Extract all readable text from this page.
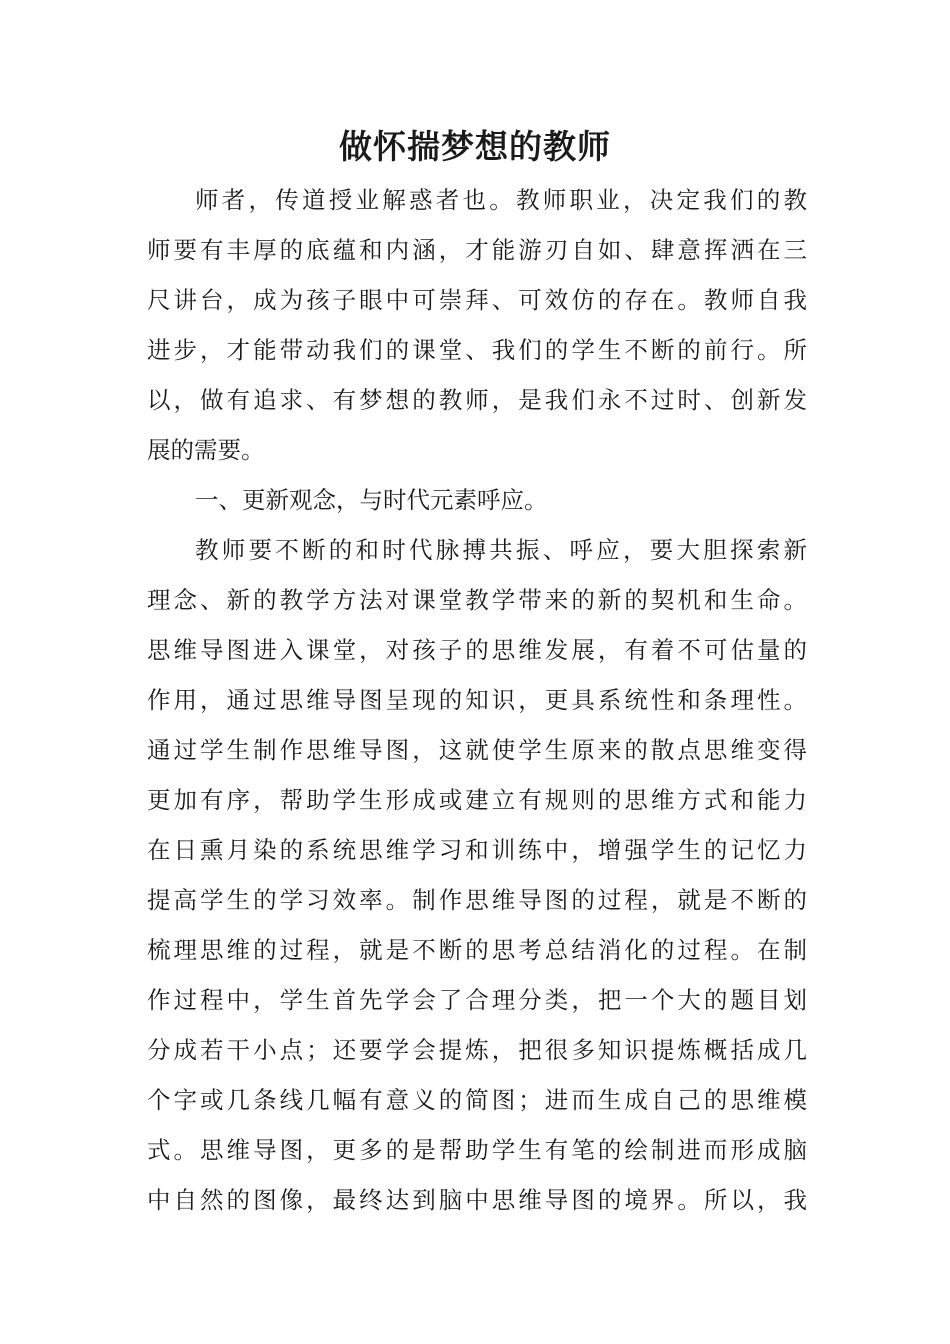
做怀揣梦想的教师
师者，传道授业解惑者也。教师职业，决定我们的教
师要有丰厚的底蕴和内涵，才能游刃自如、肆意挥洒在三
尺讲台，成为孩子眼中可崇拜、可效仿的存在。教师自我
进步，才能带动我们的课堂、我们的学生不断的前行。所
以，做有追求、有梦想的教师，是我们永不过时、创新发
展的需要。
一、更新观念，与时代元素呼应。
教师要不断的和时代脉搏共振、呼应，要大胆探索新
理念、新的教学方法对课堂教学带来的新的契机和生命。
思维导图进入课堂，对孩子的思维发展，有着不可估量的
作用，通过思维导图呈现的知识，更具系统性和条理性。
通过学生制作思维导图，这就使学生原来的散点思维变得
更加有序，帮助学生形成或建立有规则的思维方式和能力
在日熏月染的系统思维学习和训练中，增强学生的记忆力
提高学生的学习效率。制作思维导图的过程，就是不断的
梳理思维的过程，就是不断的思考总结消化的过程。在制
作过程中，学生首先学会了合理分类，把一个大的题目划
分成若干小点；还要学会提炼，把很多知识提炼概括成几
个字或几条线几幅有意义的简图；进而生成自己的思维模
式。思维导图，更多的是帮助学生有笔的绘制进而形成脑
中自然的图像，最终达到脑中思维导图的境界。所以，我
